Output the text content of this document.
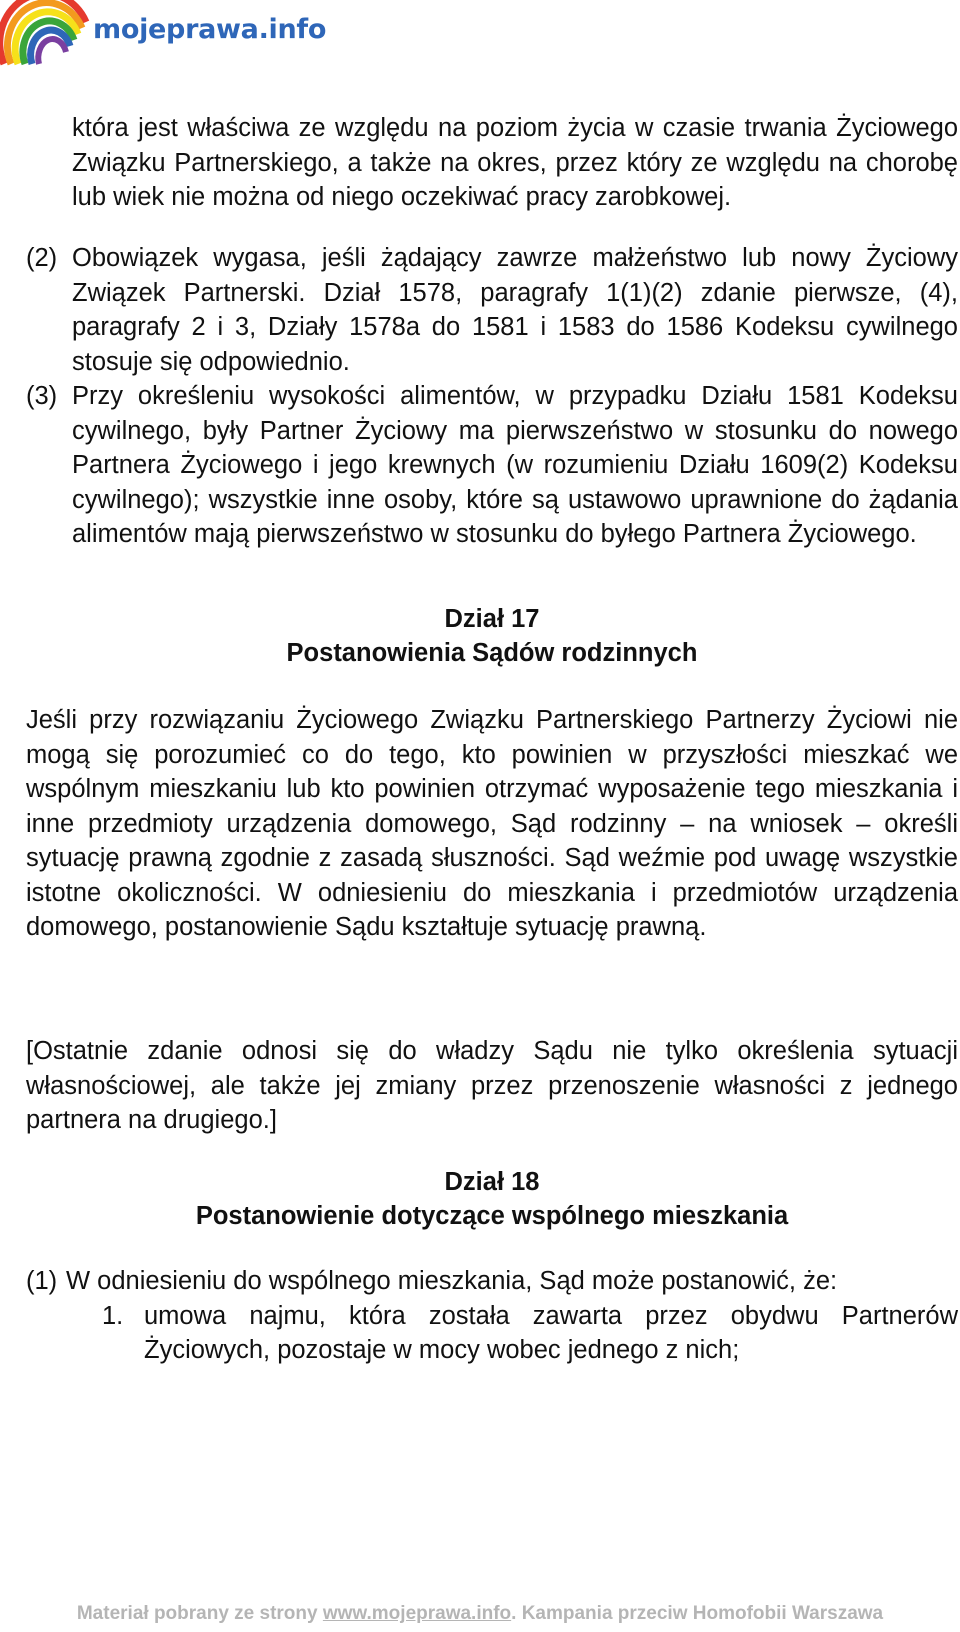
mojeprawa.info

która jest właściwa ze względu na poziom życia w czasie trwania Życiowego Związku Partnerskiego, a także na okres, przez który ze względu na chorobę lub wiek nie można od niego oczekiwać pracy zarobkowej.

(2) Obowiązek wygasa, jeśli żądający zawrze małżeństwo lub nowy Życiowy Związek Partnerski. Dział 1578, paragrafy 1(1)(2) zdanie pierwsze, (4), paragrafy 2 i 3, Działy 1578a do 1581 i 1583 do 1586 Kodeksu cywilnego stosuje się odpowiednio.

(3) Przy określeniu wysokości alimentów, w przypadku Działu 1581 Kodeksu cywilnego, były Partner Życiowy ma pierwszeństwo w stosunku do nowego Partnera Życiowego i jego krewnych (w rozumieniu Działu 1609(2) Kodeksu cywilnego); wszystkie inne osoby, które są ustawowo uprawnione do żądania alimentów mają pierwszeństwo w stosunku do byłego Partnera Życiowego.

Dział 17
Postanowienia Sądów rodzinnych

Jeśli przy rozwiązaniu Życiowego Związku Partnerskiego Partnerzy Życiowi nie mogą się porozumieć co do tego, kto powinien w przyszłości mieszkać we wspólnym mieszkaniu lub kto powinien otrzymać wyposażenie tego mieszkania i inne przedmioty urządzenia domowego, Sąd rodzinny – na wniosek – określi sytuację prawną zgodnie z zasadą słuszności. Sąd weźmie pod uwagę wszystkie istotne okoliczności. W odniesieniu do mieszkania i przedmiotów urządzenia domowego, postanowienie Sądu kształtuje sytuację prawną.

[Ostatnie zdanie odnosi się do władzy Sądu nie tylko określenia sytuacji własnościowej, ale także jej zmiany przez przenoszenie własności z jednego partnera na drugiego.]

Dział 18
Postanowienie dotyczące wspólnego mieszkania
(1) W odniesieniu do wspólnego mieszkania, Sąd może postanowić, że:

1. umowa najmu, która została zawarta przez obydwu Partnerów Życiowych, pozostaje w mocy wobec jednego z nich;

Materiał pobrany ze strony www.mojeprawa.info. Kampania przeciw Homofobii Warszawa
